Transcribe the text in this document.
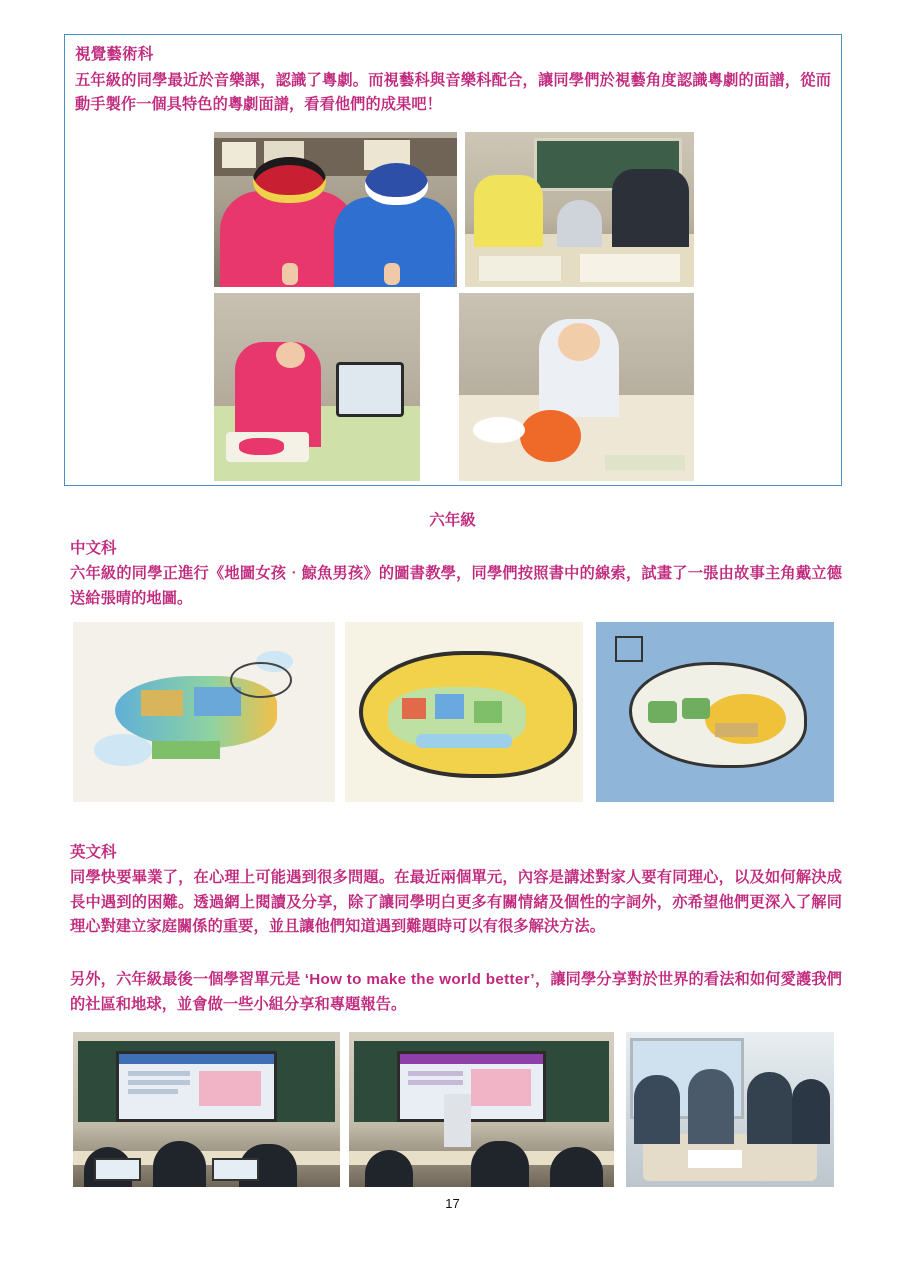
視覺藝術科
五年級的同學最近於音樂課，認識了粵劇。而視藝科與音樂科配合，讓同學們於視藝角度認識粵劇的面譜，從而動手製作一個具特色的粵劇面譜，看看他們的成果吧！
六年級
中文科
六年級的同學正進行《地圖女孩‧鯨魚男孩》的圖書教學，同學們按照書中的線索，試畫了一張由故事主角戴立德送給張晴的地圖。
英文科
同學快要畢業了，在心理上可能遇到很多問題。在最近兩個單元，內容是講述對家人要有同理心，以及如何解決成長中遇到的困難。透過網上閱讀及分享，除了讓同學明白更多有關情緒及個性的字詞外，亦希望他們更深入了解同理心對建立家庭關係的重要，並且讓他們知道遇到難題時可以有很多解決方法。
另外，六年級最後一個學習單元是 ‘How to make the world better’，讓同學分享對於世界的看法和如何愛護我們的社區和地球，並會做一些小組分享和專題報告。
17
